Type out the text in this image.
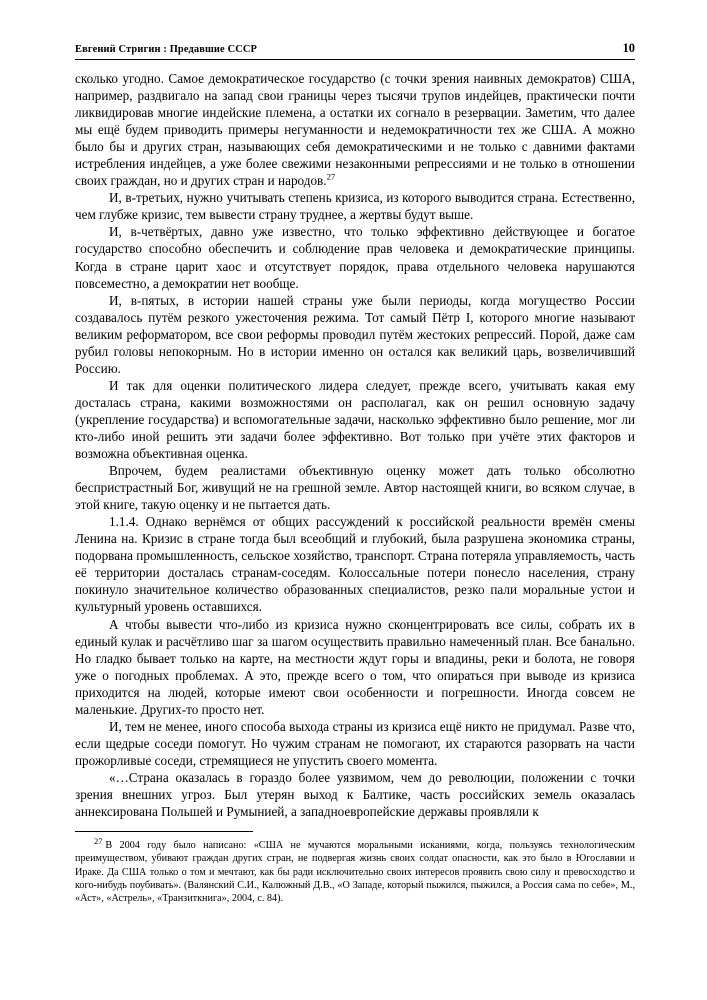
Евгений Стригин : Предавшие СССР	10

сколько угодно. Самое демократическое государство (с точки зрения наивных демократов) США, например, раздвигало на запад свои границы через тысячи трупов индейцев, практически почти ликвидировав многие индейские племена, а остатки их согнало в резервации. Заметим, что далее мы ещё будем приводить примеры негуманности и недемократичности тех же США. А можно было бы и других стран, называющих себя демократическими и не только с давними фактами истребления индейцев, а уже более свежими незаконными репрессиями и не только в отношении своих граждан, но и других стран и народов.$^{27}$

И, в-третьих, нужно учитывать степень кризиса, из которого выводится страна. Естественно, чем глубже кризис, тем вывести страну труднее, а жертвы будут выше.

И, в-четвёртых, давно уже известно, что только эффективно действующее и богатое государство способно обеспечить и соблюдение прав человека и демократические принципы. Когда в стране царит хаос и отсутствует порядок, права отдельного человека нарушаются повсеместно, а демократии нет вообще.

И, в-пятых, в истории нашей страны уже были периоды, когда могущество России создавалось путём резкого ужесточения режима. Тот самый Пётр I, которого многие называют великим реформатором, все свои реформы проводил путём жестоких репрессий. Порой, даже сам рубил головы непокорным. Но в истории именно он остался как великий царь, возвеличивший Россию.

И так для оценки политического лидера следует, прежде всего, учитывать какая ему досталась страна, какими возможностями он располагал, как он решил основную задачу (укрепление государства) и вспомогательные задачи, насколько эффективно было решение, мог ли кто-либо иной решить эти задачи более эффективно. Вот только при учёте этих факторов и возможна объективная оценка.

Впрочем, будем реалистами объективную оценку может дать только обсолютно беспристрастный Бог, живущий не на грешной земле. Автор настоящей книги, во всяком случае, в этой книге, такую оценку и не пытается дать.

1.1.4. Однако вернёмся от общих рассуждений к российской реальности времён смены Ленина на. Кризис в стране тогда был всеобщий и глубокий, была разрушена экономика страны, подорвана промышленность, сельское хозяйство, транспорт. Страна потеряла управляемость, часть её территории досталась странам-соседям. Колоссальные потери понесло населения, страну покинуло значительное количество образованных специалистов, резко пали моральные устои и культурный уровень оставшихся.

А чтобы вывести что-либо из кризиса нужно сконцентрировать все силы, собрать их в единый кулак и расчётливо шаг за шагом осуществить правильно намеченный план. Все банально. Но гладко бывает только на карте, на местности ждут горы и впадины, реки и болота, не говоря уже о погодных проблемах. А это, прежде всего о том, что опираться при выводе из кризиса приходится на людей, которые имеют свои особенности и погрешности. Иногда совсем не маленькие. Других-то просто нет.

И, тем не менее, иного способа выхода страны из кризиса ещё никто не придумал. Разве что, если щедрые соседи помогут. Но чужим странам не помогают, их стараются разорвать на части прожорливые соседи, стремящиеся не упустить своего момента.

«…Страна оказалась в гораздо более уязвимом, чем до революции, положении с точки зрения внешних угроз. Был утерян выход к Балтике, часть российских земель оказалась аннексирована Польшей и Румынией, а западноевропейские державы проявляли к

$^{27}$ В 2004 году было написано: «США не мучаются моральными исканиями, когда, пользуясь технологическим преимуществом, убивают граждан других стран, не подвергая жизнь своих солдат опасности, как это было в Югославии и Ираке. Да США только о том и мечтают, как бы ради исключительно своих интересов проявить свою силу и превосходство и кого-нибудь поубивать». (Валянский С.И., Калюжный Д.В., «О Западе, который пыжился, пыжился, а Россия сама по себе», М., «Аст», «Астрель», «Транзиткнига», 2004, с. 84).
